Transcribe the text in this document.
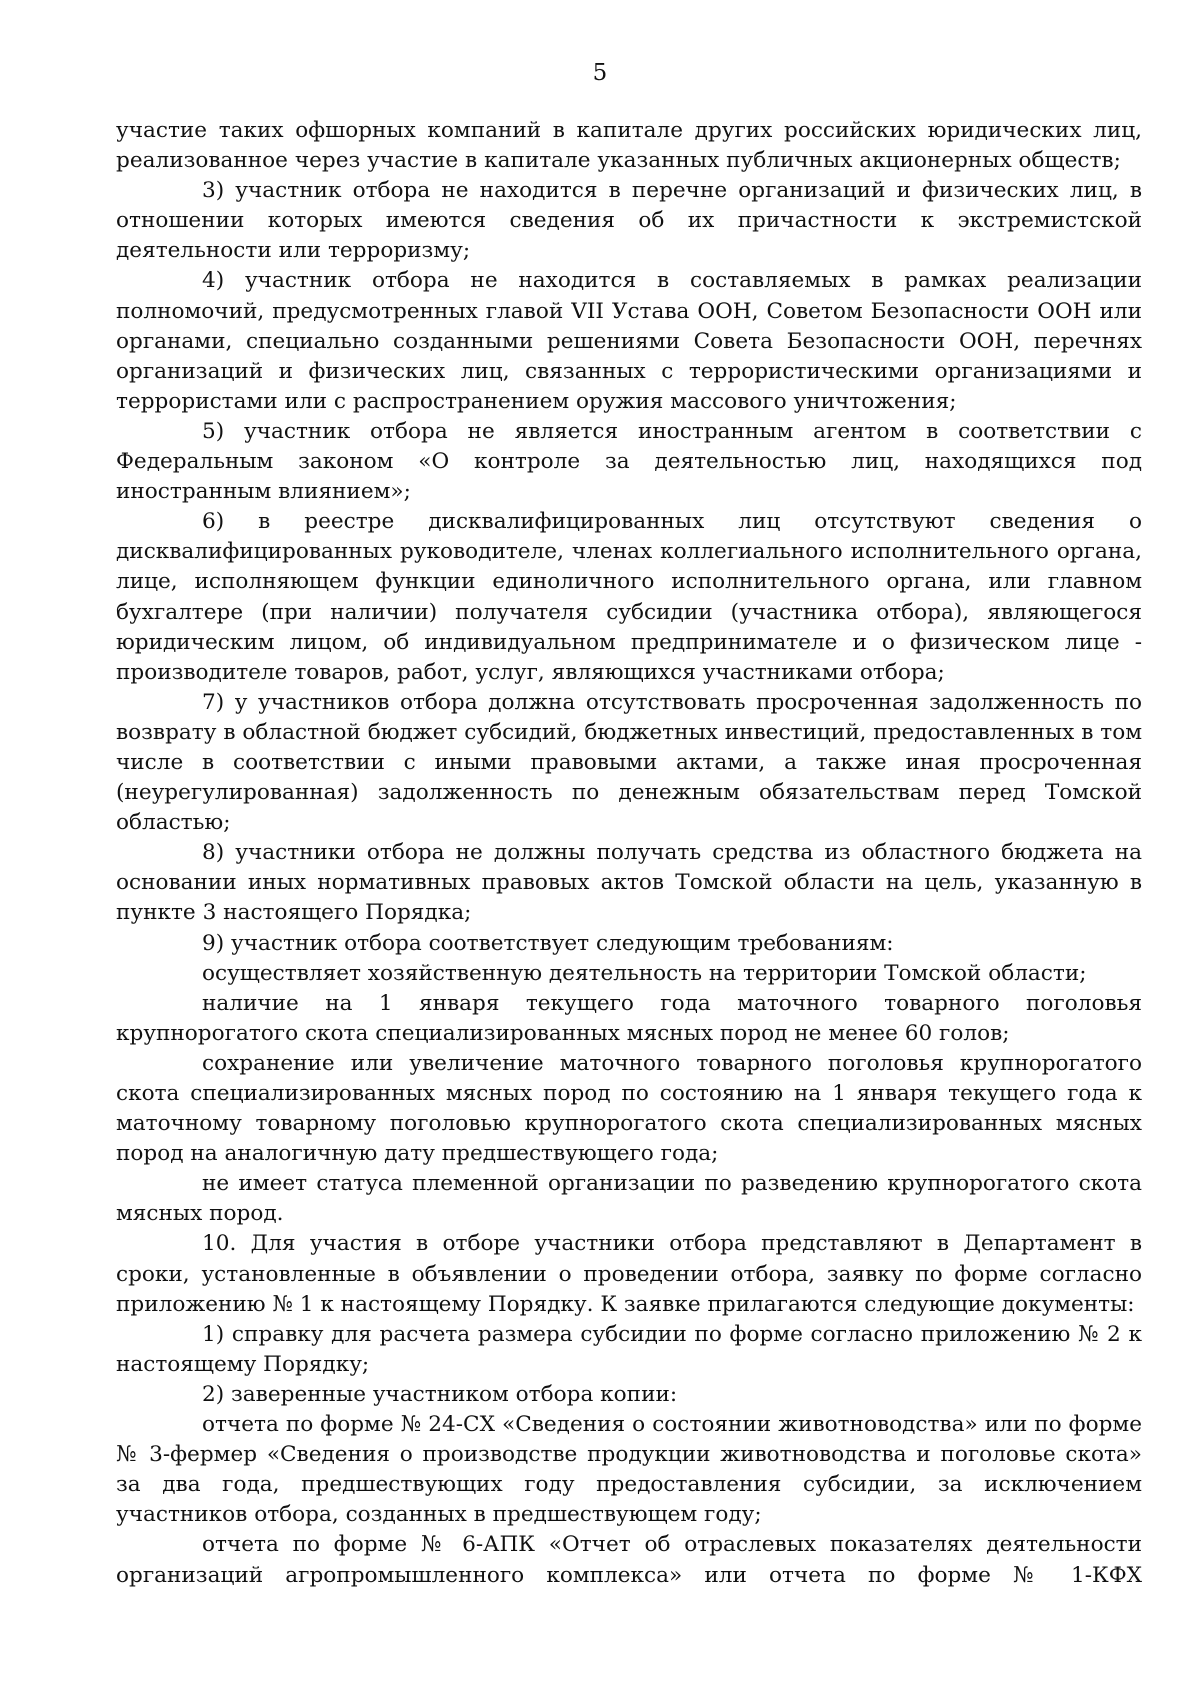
5

участие таких офшорных компаний в капитале других российских юридических лиц, реализованное через участие в капитале указанных публичных акционерных обществ;

3) участник отбора не находится в перечне организаций и физических лиц, в отношении которых имеются сведения об их причастности к экстремистской деятельности или терроризму;

4) участник отбора не находится в составляемых в рамках реализации полномочий, предусмотренных главой VII Устава ООН, Советом Безопасности ООН или органами, специально созданными решениями Совета Безопасности ООН, перечнях организаций и физических лиц, связанных с террористическими организациями и террористами или с распространением оружия массового уничтожения;

5) участник отбора не является иностранным агентом в соответствии с Федеральным законом «О контроле за деятельностью лиц, находящихся под иностранным влиянием»;

6) в реестре дисквалифицированных лиц отсутствуют сведения о дисквалифицированных руководителе, членах коллегиального исполнительного органа, лице, исполняющем функции единоличного исполнительного органа, или главном бухгалтере (при наличии) получателя субсидии (участника отбора), являющегося юридическим лицом, об индивидуальном предпринимателе и о физическом лице - производителе товаров, работ, услуг, являющихся участниками отбора;

7) у участников отбора должна отсутствовать просроченная задолженность по возврату в областной бюджет субсидий, бюджетных инвестиций, предоставленных в том числе в соответствии с иными правовыми актами, а также иная просроченная (неурегулированная) задолженность по денежным обязательствам перед Томской областью;

8) участники отбора не должны получать средства из областного бюджета на основании иных нормативных правовых актов Томской области на цель, указанную в пункте 3 настоящего Порядка;

9) участник отбора соответствует следующим требованиям:

осуществляет хозяйственную деятельность на территории Томской области;

наличие на 1 января текущего года маточного товарного поголовья крупнорогатого скота специализированных мясных пород не менее 60 голов;

сохранение или увеличение маточного товарного поголовья крупнорогатого скота специализированных мясных пород по состоянию на 1 января текущего года к маточному товарному поголовью крупнорогатого скота специализированных мясных пород на аналогичную дату предшествующего года;

не имеет статуса племенной организации по разведению крупнорогатого скота мясных пород.

10. Для участия в отборе участники отбора представляют в Департамент в сроки, установленные в объявлении о проведении отбора, заявку по форме согласно приложению № 1 к настоящему Порядку. К заявке прилагаются следующие документы:

1) справку для расчета размера субсидии по форме согласно приложению № 2 к настоящему Порядку;

2) заверенные участником отбора копии:

отчета по форме № 24-СХ «Сведения о состоянии животноводства» или по форме № 3-фермер «Сведения о производстве продукции животноводства и поголовье скота» за два года, предшествующих году предоставления субсидии, за исключением участников отбора, созданных в предшествующем году;

отчета по форме № 6-АПК «Отчет об отраслевых показателях деятельности организаций агропромышленного комплекса» или отчета по форме № 1-КФХ
